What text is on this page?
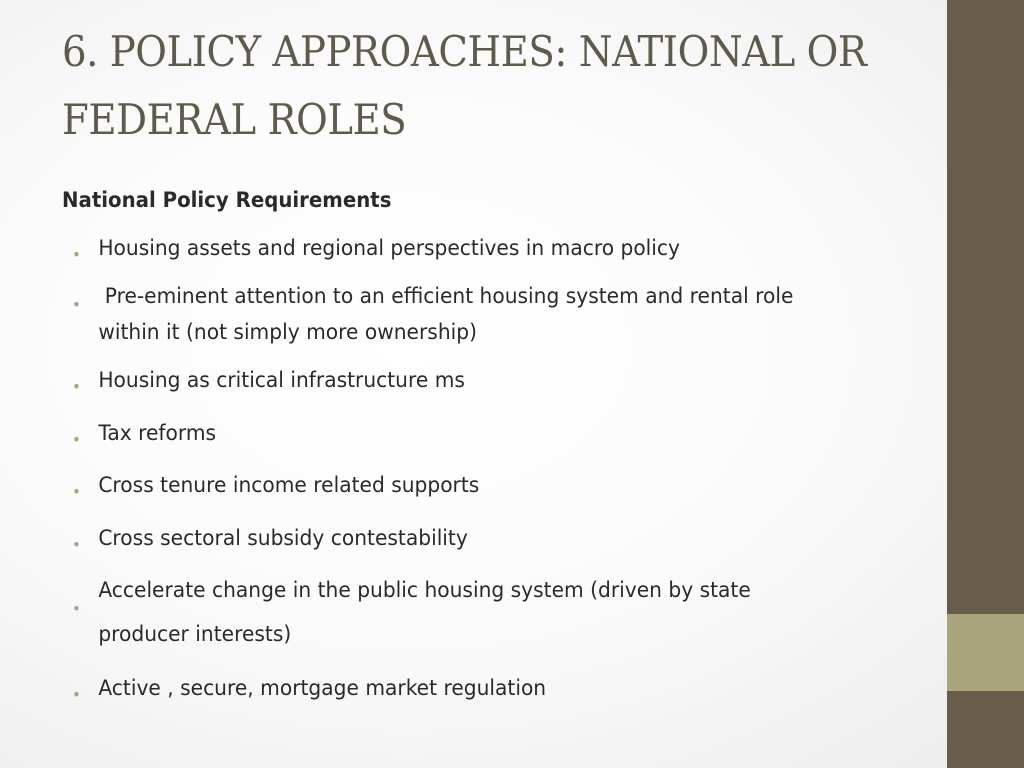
6. POLICY APPROACHES: NATIONAL OR FEDERAL ROLES
National Policy Requirements
• Housing assets and regional perspectives in macro policy
• Pre-eminent attention to an efficient housing system and rental role within it (not simply more ownership)
• Housing as critical infrastructure ms
• Tax reforms
• Cross tenure income related supports
• Cross sectoral subsidy contestability
•
Accelerate change in the public housing system (driven by state producer interests)
• Active , secure, mortgage market regulation
